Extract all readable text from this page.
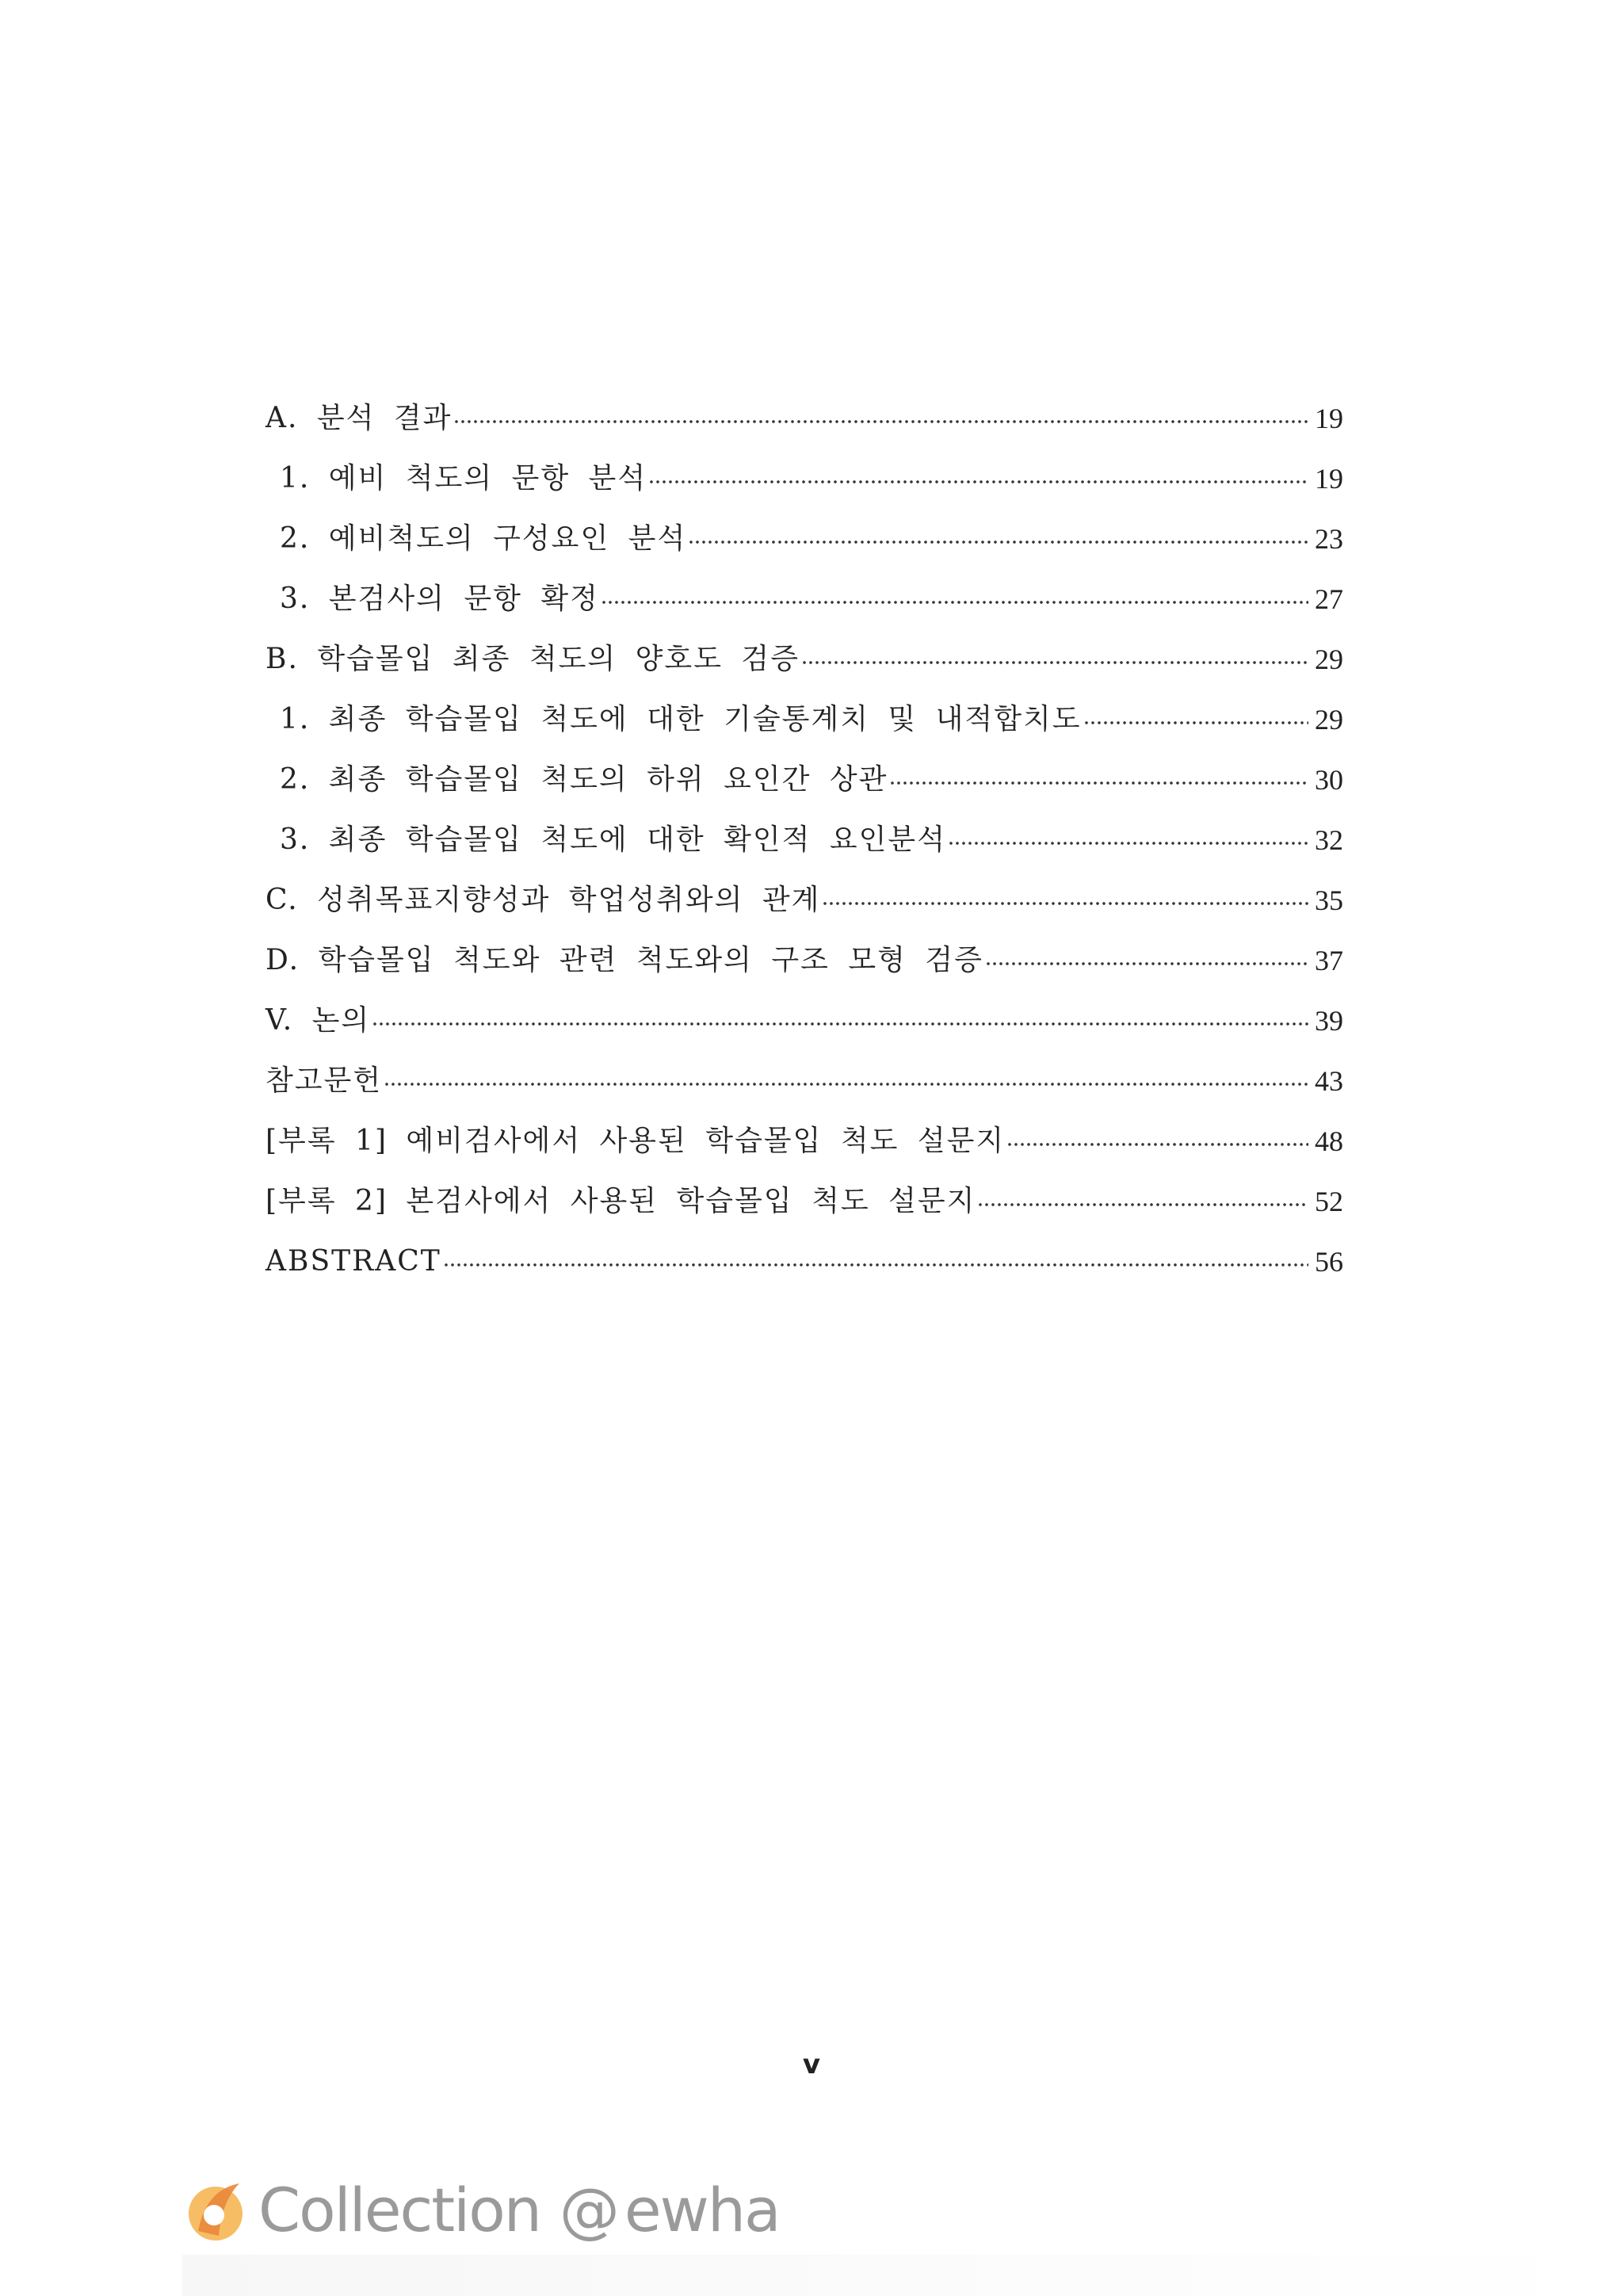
A. 분석 결과	19
1. 예비 척도의 문항 분석	19
2. 예비척도의 구성요인 분석	23
3. 본검사의 문항 확정	27
B. 학습몰입 최종 척도의 양호도 검증	29
1. 최종 학습몰입 척도에 대한 기술통계치 및 내적합치도	29
2. 최종 학습몰입 척도의 하위 요인간 상관	30
3. 최종 학습몰입 척도에 대한 확인적 요인분석	32
C. 성취목표지향성과 학업성취와의 관계	35
D. 학습몰입 척도와 관련 척도와의 구조 모형 검증	37
V. 논의	39
참고문헌	43
[부록 1] 예비검사에서 사용된 학습몰입 척도 설문지	48
[부록 2] 본검사에서 사용된 학습몰입 척도 설문지	52
ABSTRACT	56
v
Collection @ ewha
